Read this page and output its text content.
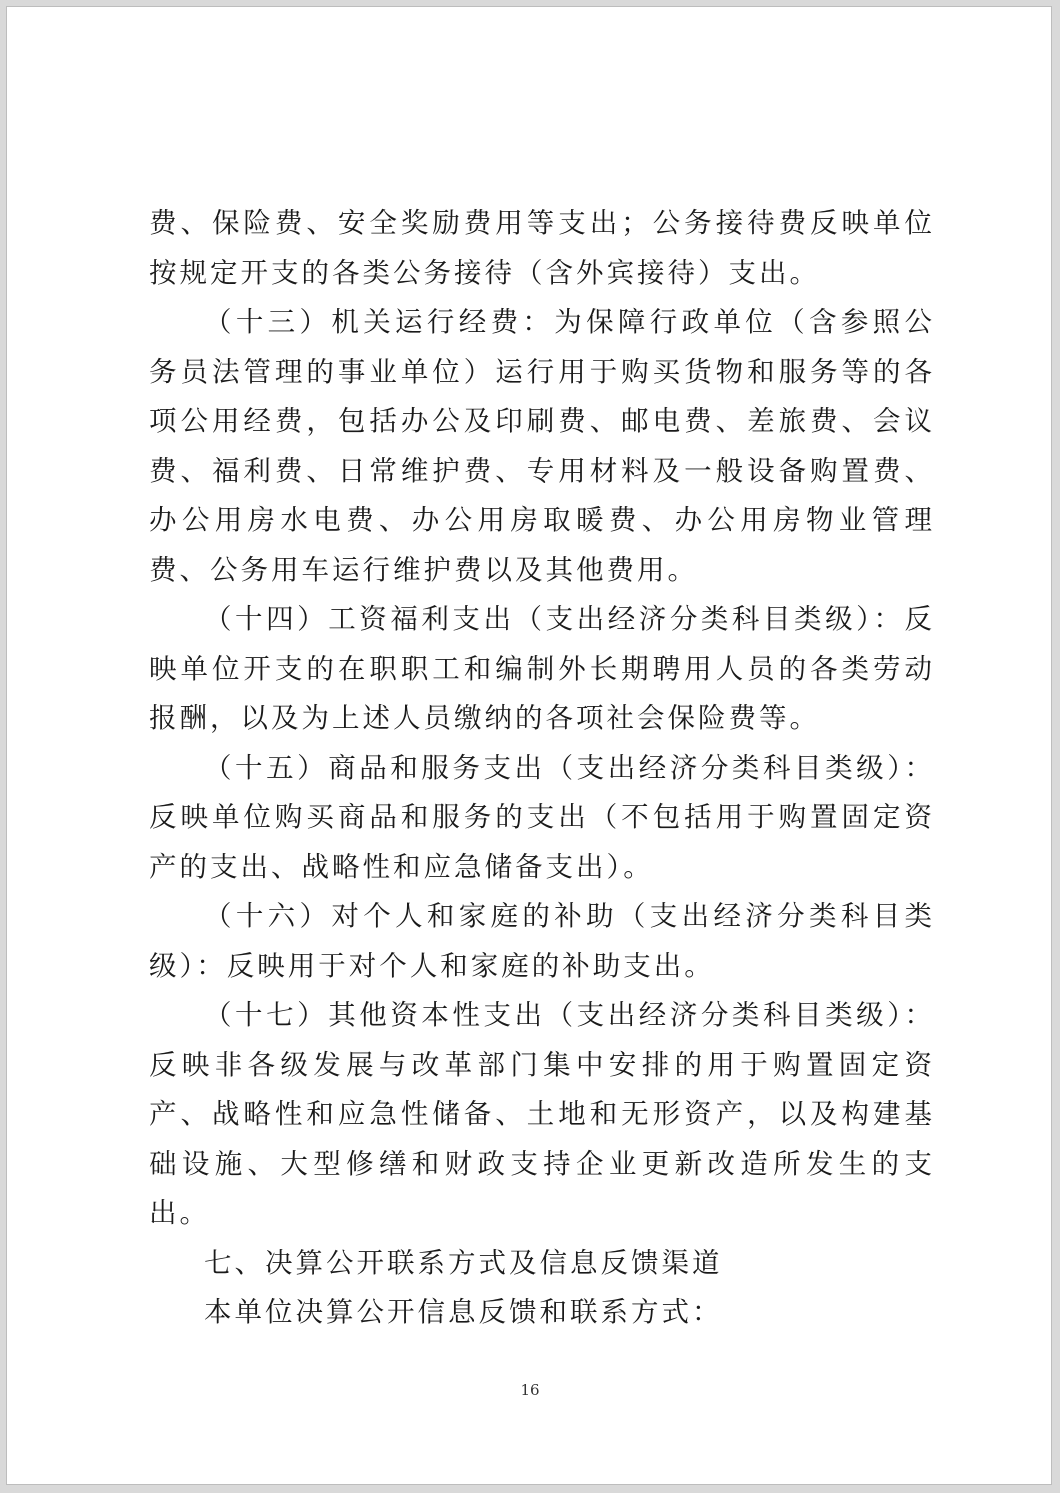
费、保险费、安全奖励费用等支出；公务接待费反映单位按规定开支的各类公务接待（含外宾接待）支出。

（十三）机关运行经费：为保障行政单位（含参照公务员法管理的事业单位）运行用于购买货物和服务等的各项公用经费，包括办公及印刷费、邮电费、差旅费、会议费、福利费、日常维护费、专用材料及一般设备购置费、办公用房水电费、办公用房取暖费、办公用房物业管理费、公务用车运行维护费以及其他费用。

（十四）工资福利支出（支出经济分类科目类级）：反映单位开支的在职职工和编制外长期聘用人员的各类劳动报酬，以及为上述人员缴纳的各项社会保险费等。

（十五）商品和服务支出（支出经济分类科目类级）：反映单位购买商品和服务的支出（不包括用于购置固定资产的支出、战略性和应急储备支出）。

（十六）对个人和家庭的补助（支出经济分类科目类级）：反映用于对个人和家庭的补助支出。

（十七）其他资本性支出（支出经济分类科目类级）：反映非各级发展与改革部门集中安排的用于购置固定资产、战略性和应急性储备、土地和无形资产，以及构建基础设施、大型修缮和财政支持企业更新改造所发生的支出。

七、决算公开联系方式及信息反馈渠道

本单位决算公开信息反馈和联系方式：

16
